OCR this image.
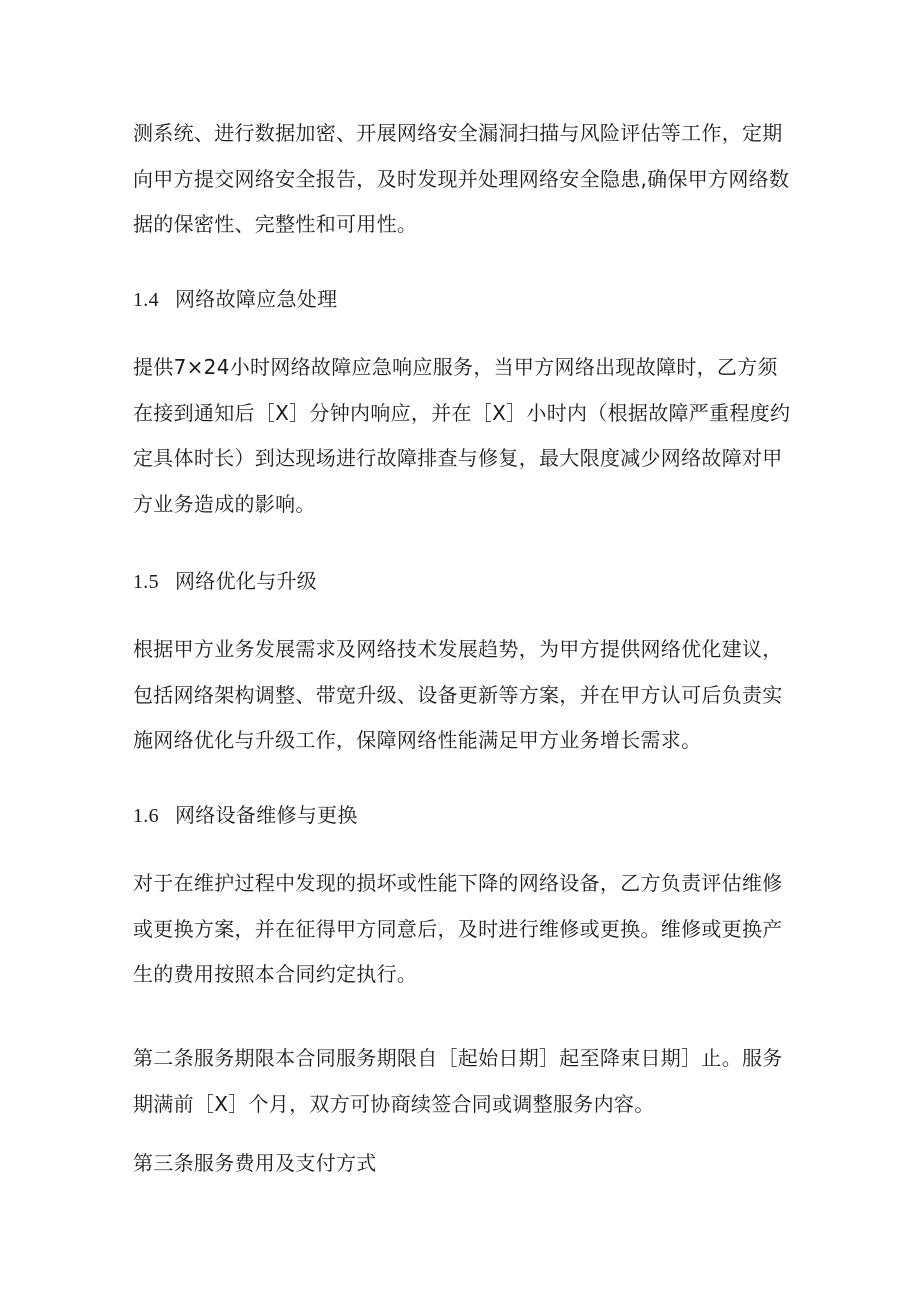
测系统、进行数据加密、开展网络安全漏洞扫描与风险评估等工作，定期向甲方提交网络安全报告，及时发现并处理网络安全隐患,确保甲方网络数据的保密性、完整性和可用性。

1.4 网络故障应急处理

提供7×24小时网络故障应急响应服务，当甲方网络出现故障时，乙方须在接到通知后［X］分钟内响应，并在［X］小时内（根据故障严重程度约定具体时长）到达现场进行故障排查与修复，最大限度减少网络故障对甲方业务造成的影响。

1.5 网络优化与升级

根据甲方业务发展需求及网络技术发展趋势，为甲方提供网络优化建议，包括网络架构调整、带宽升级、设备更新等方案，并在甲方认可后负责实施网络优化与升级工作，保障网络性能满足甲方业务增长需求。

1.6 网络设备维修与更换

对于在维护过程中发现的损坏或性能下降的网络设备，乙方负责评估维修或更换方案，并在征得甲方同意后，及时进行维修或更换。维修或更换产生的费用按照本合同约定执行。

第二条服务期限本合同服务期限自［起始日期］起至降束日期］止。服务期满前［X］个月，双方可协商续签合同或调整服务内容。

第三条服务费用及支付方式
